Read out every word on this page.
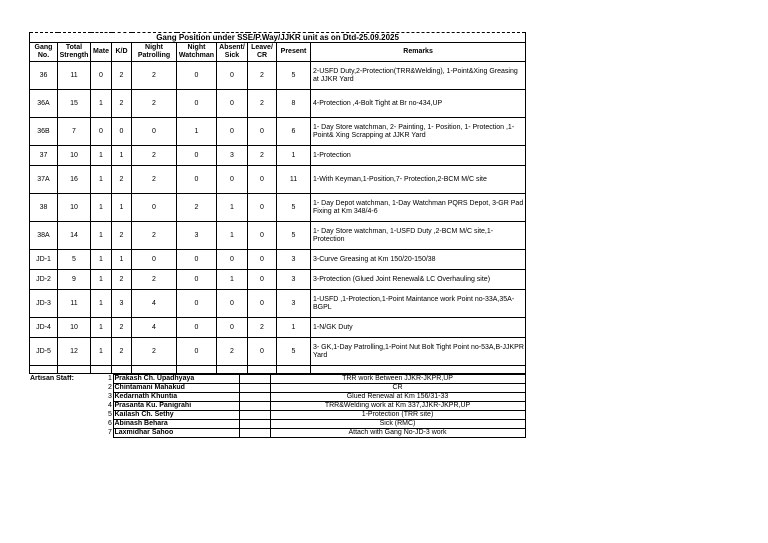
Gang Position under SSE/P.Way/JJKR unit as on Dtd-25.09.2025									
Gang No.	Total Strength	Mate	K/D	Night Patrolling	Night Watchman	Absent/ Sick	Leave/ CR	Present	Remarks
36	11	0	2	2	0	0	2	5	2-USFD Duty,2-Protection(TRR&Welding), 1-Point&Xing Greasing at JJKR Yard
36A	15	1	2	2	0	0	2	8	4-Protection ,4-Bolt Tight at Br no-434,UP
36B	7	0	0	0	1	0	0	6	1- Day Store watchman, 2- Painting, 1- Position, 1- Protection ,1-Point& Xing Scrapping at JJKR Yard
37	10	1	1	2	0	3	2	1	1-Protection
37A	16	1	2	2	0	0	0	11	1-With Keyman,1-Position,7- Protection,2-BCM M/C site
38	10	1	1	0	2	1	0	5	1- Day Depot watchman, 1-Day Watchman PQRS Depot, 3-GR Pad Fixing at Km 348/4-6
38A	14	1	2	2	3	1	0	5	1- Day Store watchman, 1-USFD Duty ,2-BCM M/C site,1-Protection
JD-1	5	1	1	0	0	0	0	3	3-Curve Greasing at Km 150/20-150/38
JD-2	9	1	2	2	0	1	0	3	3-Protection (Glued Joint Renewal& LC Overhauling site)
JD-3	11	1	3	4	0	0	0	3	1-USFD ,1-Protection,1-Point Maintance work Point no-33A,35A-BGPL
JD-4	10	1	2	4	0	0	2	1	1-N/GK Duty
JD-5	12	1	2	2	0	2	0	5	3- GK,1-Day Patrolling,1-Point Nut Bolt Tight Point no-53A,B-JJKPR Yard

Artisan Staff:	1	Prakash Ch. Upadhyaya		TRR work Between JJKR-JKPR,UP
	2	Chintamani Mahakud		CR
	3	Kedarnath Khuntia		Glued Renewal at Km 156/31-33
	4	Prasanta Ku. Panigrahi		TRR&Welding work at Km 337,JJKR-JKPR,UP
	5	Kailash Ch. Sethy		1-Protection (TRR site)
	6	Abinash Behara		Sick (RMC)
	7	Laxmidhar Sahoo		Attach with Gang No-JD-3 work
